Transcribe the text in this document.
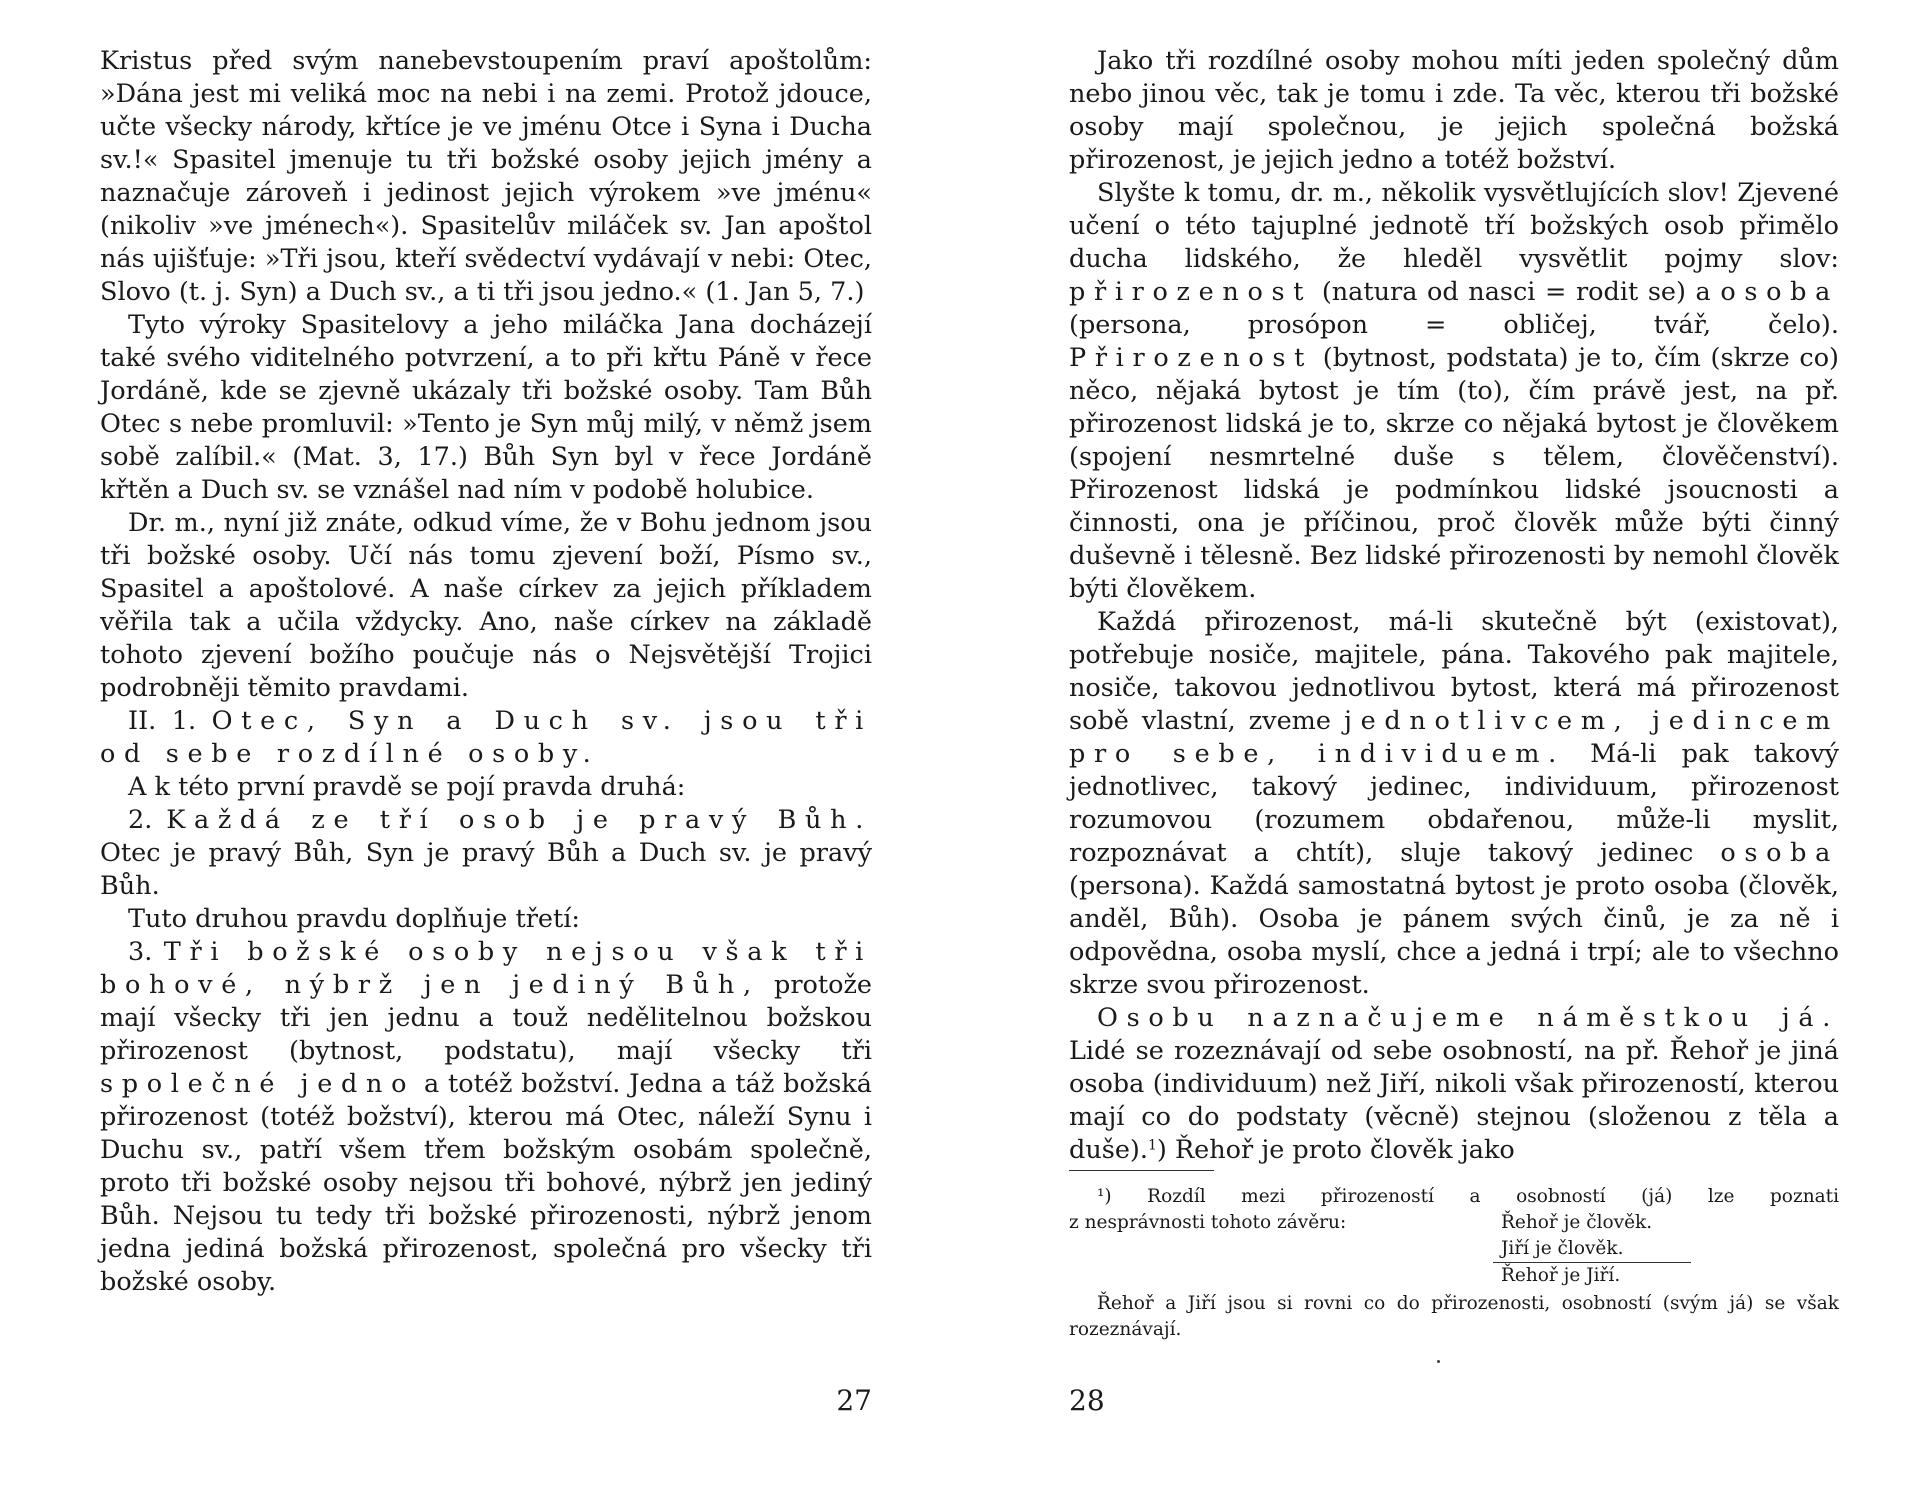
Kristus před svým nanebevstoupením praví apoštolům: »Dána jest mi veliká moc na nebi i na zemi. Protož jdouce, učte všecky národy, křtíce je ve jménu Otce i Syna i Ducha sv.!« Spasitel jmenuje tu tři božské osoby jejich jmény a naznačuje zároveň i jedinost jejich výrokem »ve jménu« (nikoliv »ve jménech«). Spasitelův miláček sv. Jan apoštol nás ujišťuje: »Tři jsou, kteří svědectví vydávají v nebi: Otec, Slovo (t. j. Syn) a Duch sv., a ti tři jsou jedno.« (1. Jan 5, 7.)

Tyto výroky Spasitelovy a jeho miláčka Jana docházejí také svého viditelného potvrzení, a to při křtu Páně v řece Jordáně, kde se zjevně ukázaly tři božské osoby. Tam Bůh Otec s nebe promluvil: »Tento je Syn můj milý, v němž jsem sobě zalíbil.« (Mat. 3, 17.) Bůh Syn byl v řece Jordáně křtěn a Duch sv. se vznášel nad ním v podobě holubice.

Dr. m., nyní již znáte, odkud víme, že v Bohu jednom jsou tři božské osoby. Učí nás tomu zjevení boží, Písmo sv., Spasitel a apoštolové. A naše církev za jejich příkladem věřila tak a učila vždycky. Ano, naše církev na základě tohoto zjevení božího poučuje nás o Nejsvětější Trojici podrobněji těmito pravdami.

II. 1. Otec, Syn a Duch sv. jsou tři od sebe rozdílné osoby.

A k této první pravdě se pojí pravda druhá:

2. Každá ze tří osob je pravý Bůh. Otec je pravý Bůh, Syn je pravý Bůh a Duch sv. je pravý Bůh.

Tuto druhou pravdu doplňuje třetí:

3. Tři božské osoby nejsou však tři bohové, nýbrž jen jediný Bůh, protože mají všecky tři jen jednu a touž nedělitelnou božskou přirozenost (bytnost, podstatu), mají všecky tři společné jedno a totéž božství. Jedna a táž božská přirozenost (totéž božství), kterou má Otec, náleží Synu i Duchu sv., patří všem třem božským osobám společně, proto tři božské osoby nejsou tři bohové, nýbrž jen jediný Bůh. Nejsou tu tedy tři božské přirozenosti, nýbrž jenom jedna jediná božská přirozenost, společná pro všecky tři božské osoby.

27

Jako tři rozdílné osoby mohou míti jeden společný dům nebo jinou věc, tak je tomu i zde. Ta věc, kterou tři božské osoby mají společnou, je jejich společná božská přirozenost, je jejich jedno a totéž božství.

Slyšte k tomu, dr. m., několik vysvětlujících slov! Zjevené učení o této tajuplné jednotě tří božských osob přimělo ducha lidského, že hleděl vysvětlit pojmy slov: přirozenost (natura od nasci = rodit se) a osoba (persona, prosópon = obličej, tvář, čelo). Přirozenost (bytnost, podstata) je to, čím (skrze co) něco, nějaká bytost je tím (to), čím právě jest, na př. přirozenost lidská je to, skrze co nějaká bytost je člověkem (spojení nesmrtelné duše s tělem, člověčenství). Přirozenost lidská je podmínkou lidské jsoucnosti a činnosti, ona je příčinou, proč člověk může býti činný duševně i tělesně. Bez lidské přirozenosti by nemohl člověk býti člověkem.

Každá přirozenost, má-li skutečně být (existovat), potřebuje nosiče, majitele, pána. Takového pak majitele, nosiče, takovou jednotlivou bytost, která má přirozenost sobě vlastní, zveme jednotlivcem, jedincem pro sebe, individuem. Má-li pak takový jednotlivec, takový jedinec, individuum, přirozenost rozumovou (rozumem obdařenou, může-li myslit, rozpoznávat a chtít), sluje takový jedinec osoba (persona). Každá samostatná bytost je proto osoba (člověk, anděl, Bůh). Osoba je pánem svých činů, je za ně i odpovědna, osoba myslí, chce a jedná i trpí; ale to všechno skrze svou přirozenost.

Osobu naznačujeme náměstkou já. Lidé se rozeznávají od sebe osobností, na př. Řehoř je jiná osoba (individuum) než Jiří, nikoli však přirozeností, kterou mají co do podstaty (věcně) stejnou (složenou z těla a duše).$^1$) Řehoř je proto člověk jako

¹) Rozdíl mezi přirozeností a osobností (já) lze poznati
z nesprávnosti tohoto závěru:	Řehoř je člověk.
Jiří je člověk.
Řehoř je Jiří.
Řehoř a Jiří jsou si rovni co do přirozenosti, osobností (svým já) se však rozeznávají.
28
